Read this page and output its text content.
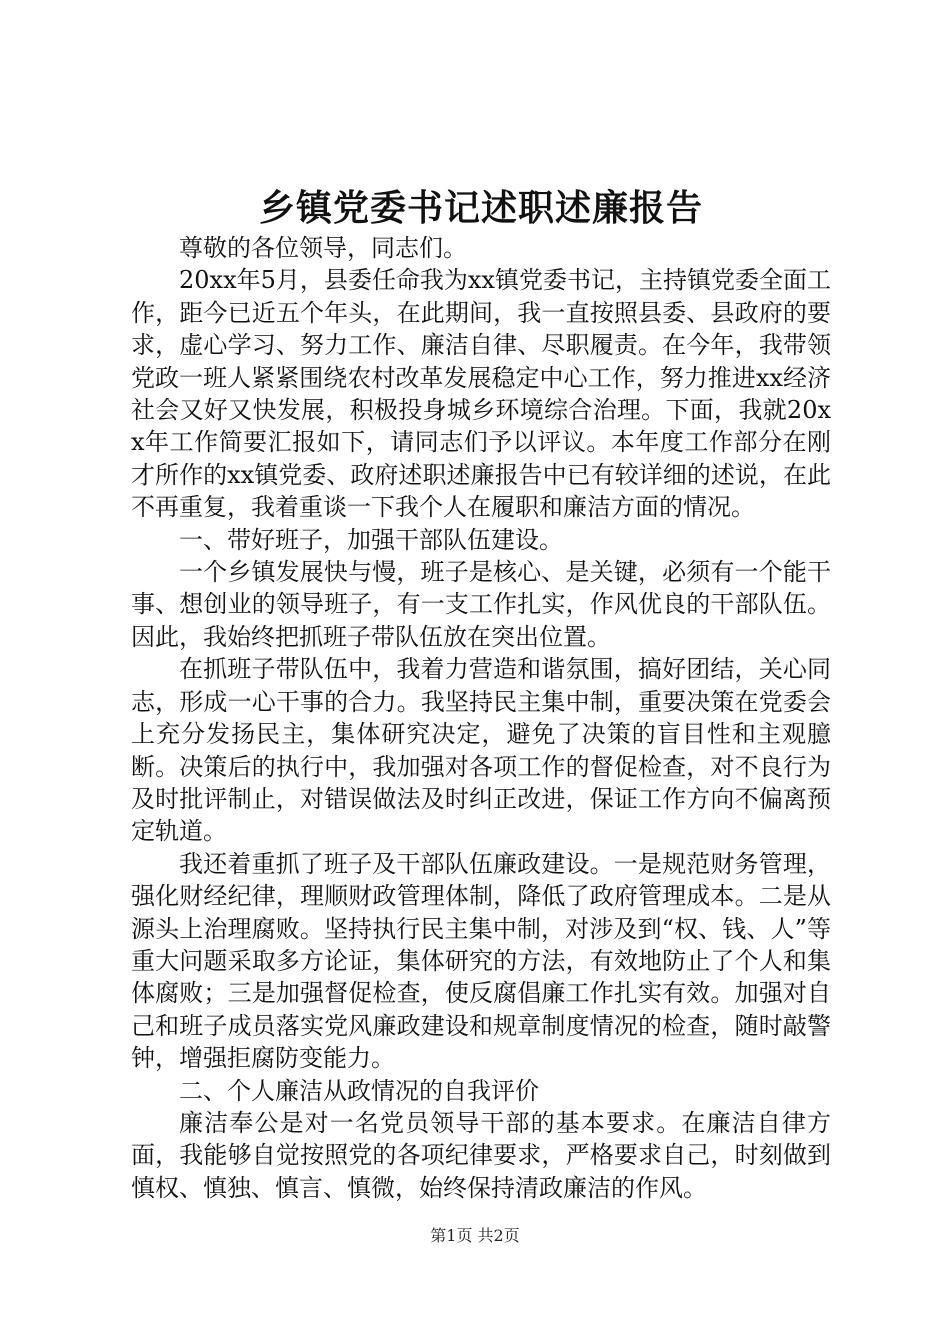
乡镇党委书记述职述廉报告

尊敬的各位领导，同志们。

20xx年5月，县委任命我为xx镇党委书记，主持镇党委全面工作，距今已近五个年头，在此期间，我一直按照县委、县政府的要求，虚心学习、努力工作、廉洁自律、尽职履责。在今年，我带领党政一班人紧紧围绕农村改革发展稳定中心工作，努力推进xx经济社会又好又快发展，积极投身城乡环境综合治理。下面，我就20xx年工作简要汇报如下，请同志们予以评议。本年度工作部分在刚才所作的xx镇党委、政府述职述廉报告中已有较详细的述说，在此不再重复，我着重谈一下我个人在履职和廉洁方面的情况。

一、带好班子，加强干部队伍建设。

一个乡镇发展快与慢，班子是核心、是关键，必须有一个能干事、想创业的领导班子，有一支工作扎实，作风优良的干部队伍。因此，我始终把抓班子带队伍放在突出位置。

在抓班子带队伍中，我着力营造和谐氛围，搞好团结，关心同志，形成一心干事的合力。我坚持民主集中制，重要决策在党委会上充分发扬民主，集体研究决定，避免了决策的盲目性和主观臆断。决策后的执行中，我加强对各项工作的督促检查，对不良行为及时批评制止，对错误做法及时纠正改进，保证工作方向不偏离预定轨道。

我还着重抓了班子及干部队伍廉政建设。一是规范财务管理，强化财经纪律，理顺财政管理体制，降低了政府管理成本。二是从源头上治理腐败。坚持执行民主集中制，对涉及到“权、钱、人”等重大问题采取多方论证，集体研究的方法，有效地防止了个人和集体腐败；三是加强督促检查，使反腐倡廉工作扎实有效。加强对自己和班子成员落实党风廉政建设和规章制度情况的检查，随时敲警钟，增强拒腐防变能力。

二、个人廉洁从政情况的自我评价

廉洁奉公是对一名党员领导干部的基本要求。在廉洁自律方面，我能够自觉按照党的各项纪律要求，严格要求自己，时刻做到慎权、慎独、慎言、慎微，始终保持清政廉洁的作风。

第1页 共2页
